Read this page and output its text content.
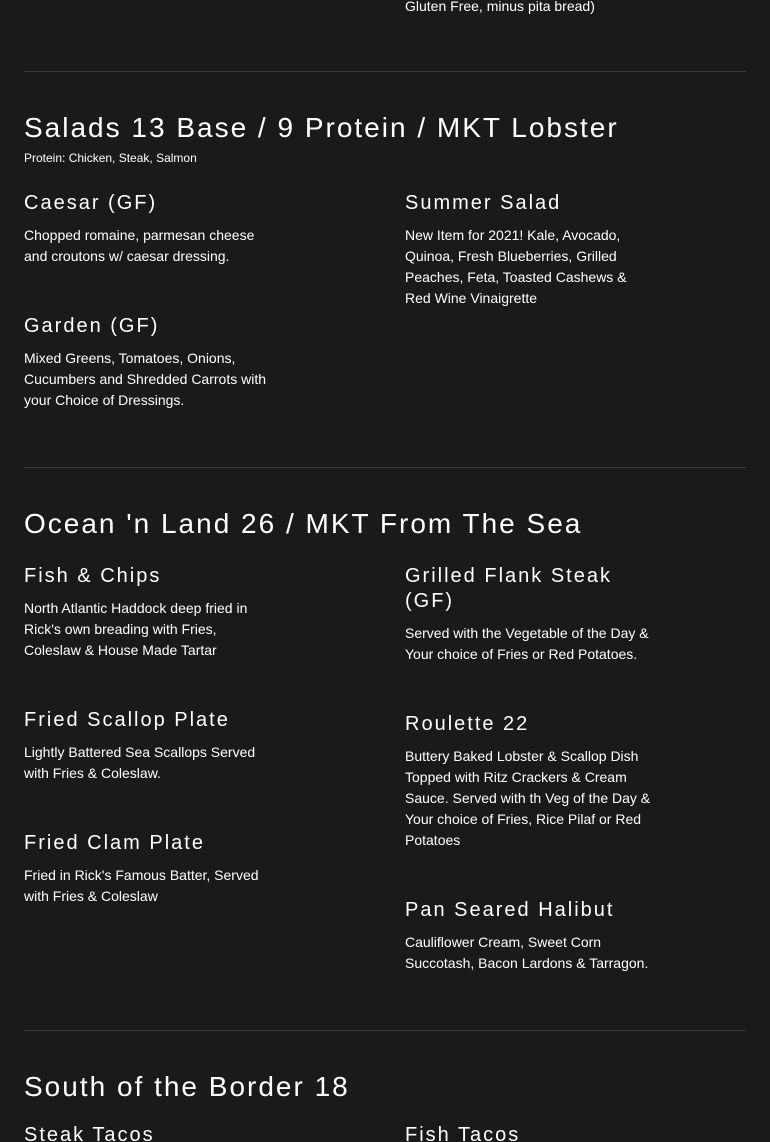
Gluten Free, minus pita bread)
Salads 13 Base / 9 Protein / MKT Lobster
Protein: Chicken, Steak, Salmon
Caesar (GF)
Chopped romaine, parmesan cheese and croutons w/ caesar dressing.
Summer Salad
New Item for 2021! Kale, Avocado, Quinoa, Fresh Blueberries, Grilled Peaches, Feta, Toasted Cashews & Red Wine Vinaigrette
Garden (GF)
Mixed Greens, Tomatoes, Onions, Cucumbers and Shredded Carrots with your Choice of Dressings.
Ocean 'n Land 26 / MKT From The Sea
Fish & Chips
North Atlantic Haddock deep fried in Rick's own breading with Fries, Coleslaw & House Made Tartar
Grilled Flank Steak (GF)
Served with the Vegetable of the Day & Your choice of Fries or Red Potatoes.
Fried Scallop Plate
Lightly Battered Sea Scallops Served with Fries & Coleslaw.
Roulette 22
Buttery Baked Lobster & Scallop Dish Topped with Ritz Crackers & Cream Sauce. Served with th Veg of the Day & Your choice of Fries, Rice Pilaf or Red Potatoes
Fried Clam Plate
Fried in Rick's Famous Batter, Served with Fries & Coleslaw
Pan Seared Halibut
Cauliflower Cream, Sweet Corn Succotash, Bacon Lardons & Tarragon.
South of the Border 18
Steak Tacos	Fish Tacos
